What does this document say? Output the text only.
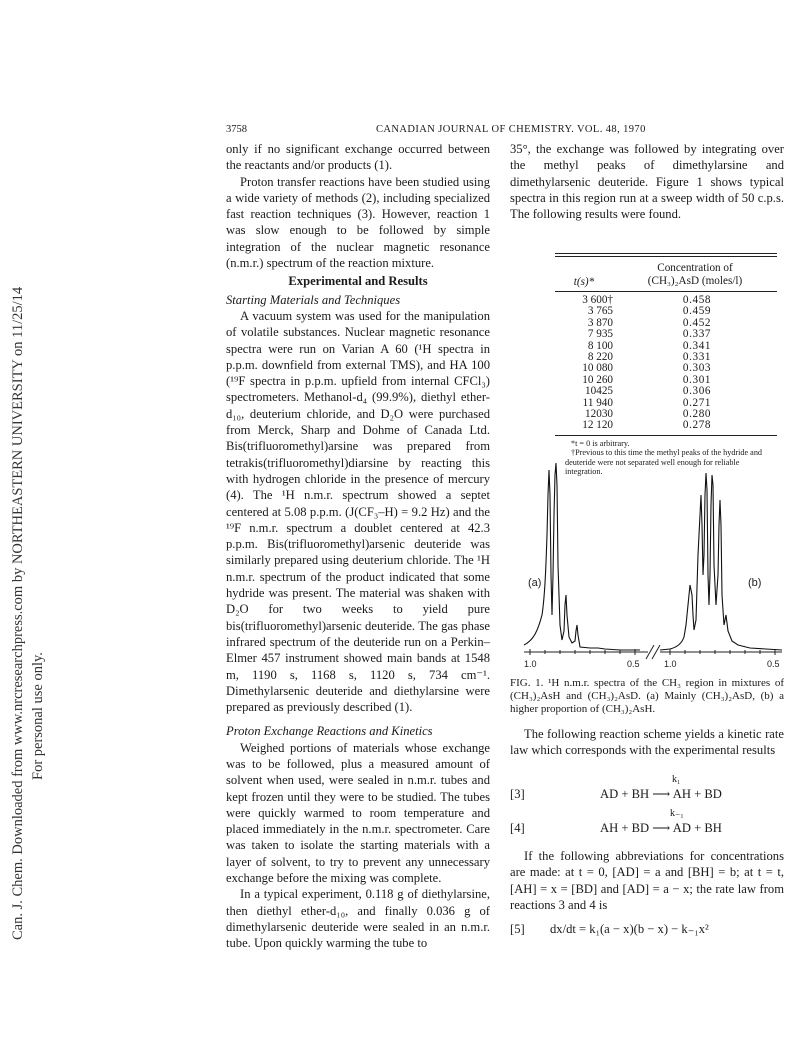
Can. J. Chem. Downloaded from www.nrcresearchpress.com by NORTHEASTERN UNIVERSITY on 11/25/14 For personal use only.
3758	CANADIAN JOURNAL OF CHEMISTRY. VOL. 48, 1970

only if no significant exchange occurred between the reactants and/or products (1).

Proton transfer reactions have been studied using a wide variety of methods (2), including specialized fast reaction techniques (3). However, reaction 1 was slow enough to be followed by simple integration of the nuclear magnetic resonance (n.m.r.) spectrum of the reaction mixture.

Experimental and Results
Starting Materials and Techniques

A vacuum system was used for the manipulation of volatile substances. Nuclear magnetic resonance spectra were run on Varian A 60 (¹H spectra in p.p.m. downfield from external TMS), and HA 100 (¹⁹F spectra in p.p.m. upfield from internal CFCl₃) spectrometers. Methanol-d₄ (99.9%), diethyl ether-d₁₀, deuterium chloride, and D₂O were purchased from Merck, Sharp and Dohme of Canada Ltd. Bis(trifluoromethyl)arsine was prepared from tetrakis(trifluoromethyl)diarsine by reacting this with hydrogen chloride in the presence of mercury (4). The ¹H n.m.r. spectrum showed a septet centered at 5.08 p.p.m. (J(CF₃–H) = 9.2 Hz) and the ¹⁹F n.m.r. spectrum a doublet centered at 42.3 p.p.m. Bis(trifluoromethyl)arsenic deuteride was similarly prepared using deuterium chloride. The ¹H n.m.r. spectrum of the product indicated that some hydride was present. The material was shaken with D₂O for two weeks to yield pure bis(trifluoromethyl)arsenic deuteride. The gas phase infrared spectrum of the deuteride run on a Perkin–Elmer 457 instrument showed main bands at 1548 m, 1190 s, 1168 s, 1120 s, 734 cm⁻¹. Dimethylarsenic deuteride and diethylarsine were prepared as previously described (1).

Proton Exchange Reactions and Kinetics

Weighed portions of materials whose exchange was to be followed, plus a measured amount of solvent when used, were sealed in n.m.r. tubes and kept frozen until they were to be studied. The tubes were quickly warmed to room temperature and placed immediately in the n.m.r. spectrometer. Care was taken to isolate the starting materials with a layer of solvent, to try to prevent any unnecessary exchange before the mixing was complete.

In a typical experiment, 0.118 g of diethylarsine, then diethyl ether-d₁₀, and finally 0.036 g of dimethylarsenic deuteride were sealed in an n.m.r. tube. Upon quickly warming the tube to

35°, the exchange was followed by integrating over the methyl peaks of dimethylarsine and dimethylarsenic deuteride. Figure 1 shows typical spectra in this region run at a sweep width of 50 c.p.s. The following results were found.

t(s)*
Concentration of
(CH₃)₂AsD (moles/l)
3 600†	0.458
3 765	0.459
3 870	0.452
7 935	0.337
8 100	0.341
8 220	0.331
10 080	0.303
10 260	0.301
10425	0.306
11 940	0.271
12030	0.280
12 120	0.278
*t = 0 is arbitrary.
†Previous to this time the methyl peaks of the hydride and deuteride were not separated well enough for reliable integration.
(a)	(b)
1.0	0.5	1.0	0.5
FIG. 1. ¹H n.m.r. spectra of the CH₃ region in mixtures of (CH₃)₂AsH and (CH₃)₂AsD. (a) Mainly (CH₃)₂AsD, (b) a higher proportion of (CH₃)₂AsH.

The following reaction scheme yields a kinetic rate law which corresponds with the experimental results

[3]
k₁
AD + BH ⟶ AH + BD
[4]
k₋₁
AH + BD ⟶ AD + BH

If the following abbreviations for concentrations are made: at t = 0, [AD] = a and [BH] = b; at t = t, [AH] = x = [BD] and [AD] = a − x; the rate law from reactions 3 and 4 is

[5] dx/dt = k₁(a − x)(b − x) − k₋₁x²
